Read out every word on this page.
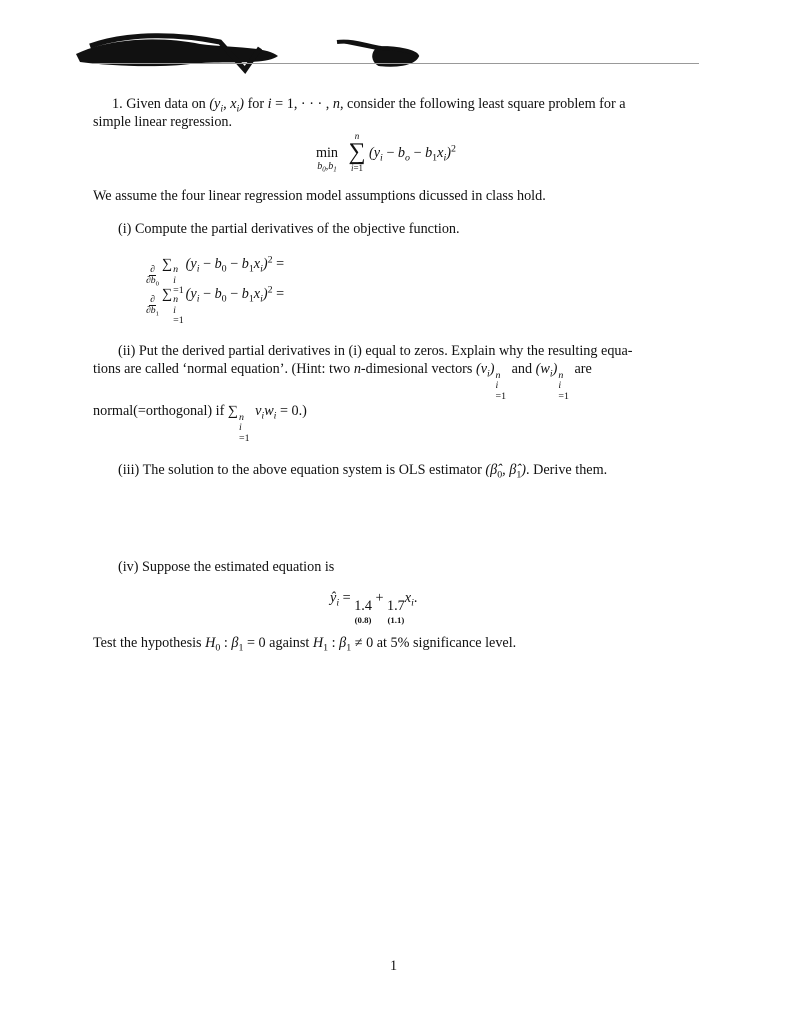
1. Given data on ($y_i$, $x_i$) for i = 1, · · · , n, consider the following least square problem for a
simple linear regression.
min
$b_0,b_1$
n
∑
i=1
$(y_i - b_o - b_1x_i)^2$
We assume the four linear regression model assumptions dicussed in class hold.
(i) Compute the partial derivatives of the objective function.
$\frac{\partial}{\partial b_0}$
∑ n
i
=1
$(y_i - b_0 - b_1x_i)^2$ =
$\frac{\partial}{\partial b_1}$
∑ n
i
=1
$(y_i - b_0 - b_1x_i)^2$ =
(ii) Put the derived partial derivatives in (i) equal to zeros. Explain why the resulting equa-
tions are called ‘normal equation’. (Hint: two n-dimesional vectors $(v_i)$ n
i
=1
and $(w_i)$ n
i
=1
are
normal(=orthogonal) if ∑ n
i
=1
$v_iw_i = 0$.)
(iii) The solution to the above equation system is OLS estimator ($\betâ_0$, $\betâ_1$). Derive them.
(iv) Suppose the estimated equation is
$ŷ_i = 1.4$
(0.8)
+ 1.7
(1.1)
$x_i$.
Test the hypothesis $H_0$ : $\beta_1 = 0$ against $H_1$ : $\beta_1 \ne 0$ at 5% significance level.
1
